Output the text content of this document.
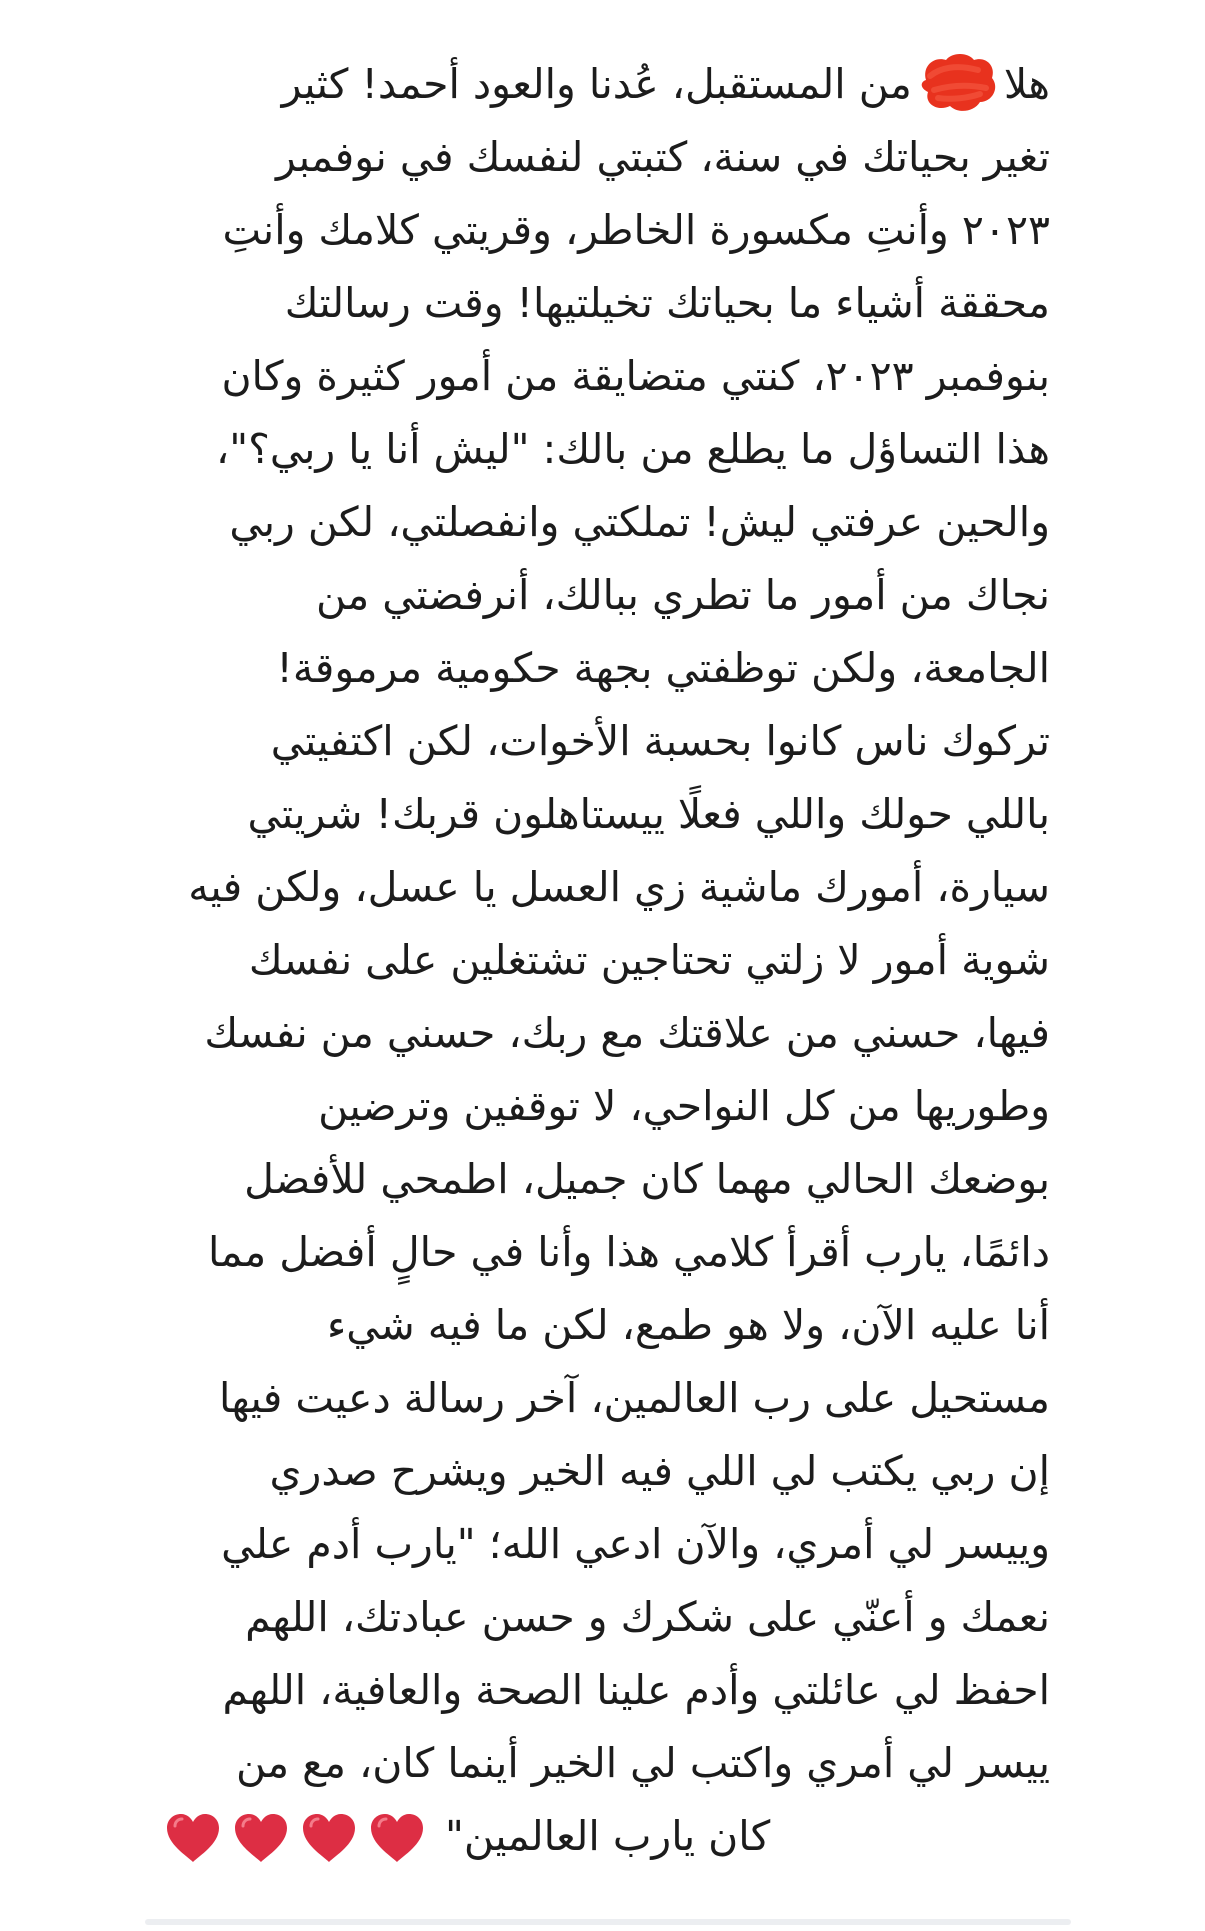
هلامن المستقبل، عُدنا والعود أحمد! كثير
تغير بحياتك في سنة، كتبتي لنفسك في نوفمبر
٢٠٢٣ وأنتِ مكسورة الخاطر، وقريتي كلامك وأنتِ
محققة أشياء ما بحياتك تخيلتيها! وقت رسالتك
بنوفمبر ٢٠٢٣، كنتي متضايقة من أمور كثيرة وكان
هذا التساؤل ما يطلع من بالك: "ليش أنا يا ربي؟"،
والحين عرفتي ليش! تملكتي وانفصلتي، لكن ربي
نجاك من أمور ما تطري ببالك، أنرفضتي من
الجامعة، ولكن توظفتي بجهة حكومية مرموقة!
تركوك ناس كانوا بحسبة الأخوات، لكن اكتفيتي
باللي حولك واللي فعلًا ييستاهلون قربك! شريتي
سيارة، أمورك ماشية زي العسل يا عسل، ولكن فيه
شوية أمور لا زلتي تحتاجين تشتغلين على نفسك
فيها، حسني من علاقتك مع ربك، حسني من نفسك
وطوريها من كل النواحي، لا توقفين وترضين
بوضعك الحالي مهما كان جميل، اطمحي للأفضل
دائمًا، يارب أقرأ كلامي هذا وأنا في حالٍ أفضل مما
أنا عليه الآن، ولا هو طمع، لكن ما فيه شيء
مستحيل على رب العالمين، آخر رسالة دعيت فيها
إن ربي يكتب لي اللي فيه الخير ويشرح صدري
وييسر لي أمري، والآن ادعي الله؛ "يارب أدم علي
نعمك و أعنّي على شكرك و حسن عبادتك، اللهم
احفظ لي عائلتي وأدم علينا الصحة والعافية، اللهم
ييسر لي أمري واكتب لي الخير أينما كان، مع من
كان يارب العالمين"
